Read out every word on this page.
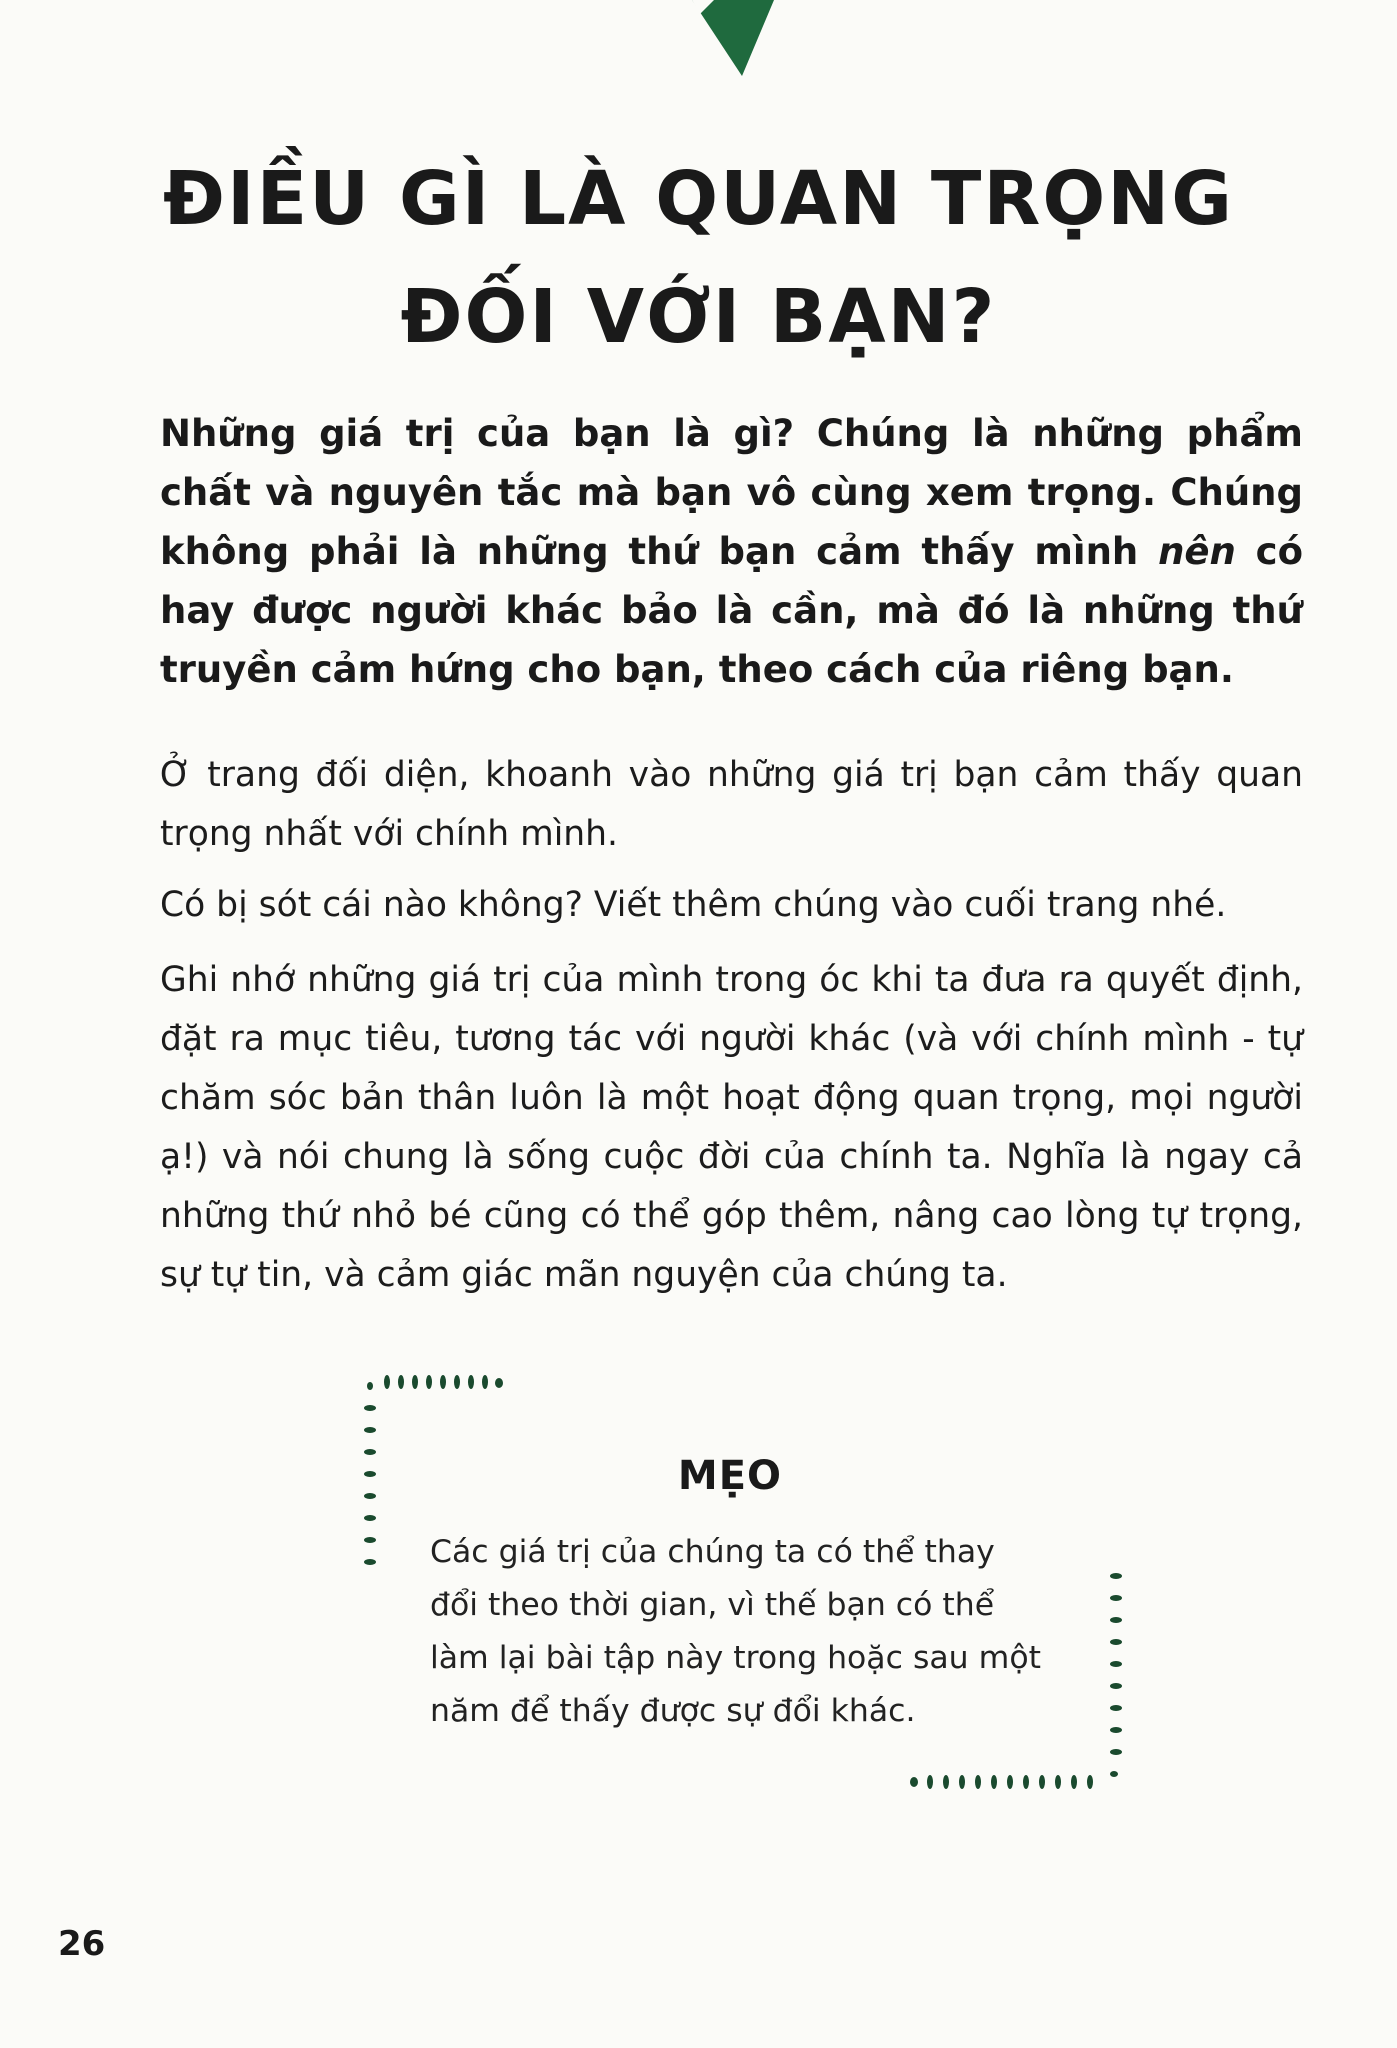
ĐIỀU GÌ LÀ QUAN TRỌNG
ĐỐI VỚI BẠN?

Những giá trị của bạn là gì? Chúng là những phẩm chất và nguyên tắc mà bạn vô cùng xem trọng. Chúng không phải là những thứ bạn cảm thấy mình nên có hay được người khác bảo là cần, mà đó là những thứ truyền cảm hứng cho bạn, theo cách của riêng bạn.

Ở trang đối diện, khoanh vào những giá trị bạn cảm thấy quan trọng nhất với chính mình.

Có bị sót cái nào không? Viết thêm chúng vào cuối trang nhé.

Ghi nhớ những giá trị của mình trong óc khi ta đưa ra quyết định, đặt ra mục tiêu, tương tác với người khác (và với chính mình - tự chăm sóc bản thân luôn là một hoạt động quan trọng, mọi người ạ!) và nói chung là sống cuộc đời của chính ta. Nghĩa là ngay cả những thứ nhỏ bé cũng có thể góp thêm, nâng cao lòng tự trọng, sự tự tin, và cảm giác mãn nguyện của chúng ta.

MẸO

Các giá trị của chúng ta có thể thay đổi theo thời gian, vì thế bạn có thể làm lại bài tập này trong hoặc sau một năm để thấy được sự đổi khác.

26
